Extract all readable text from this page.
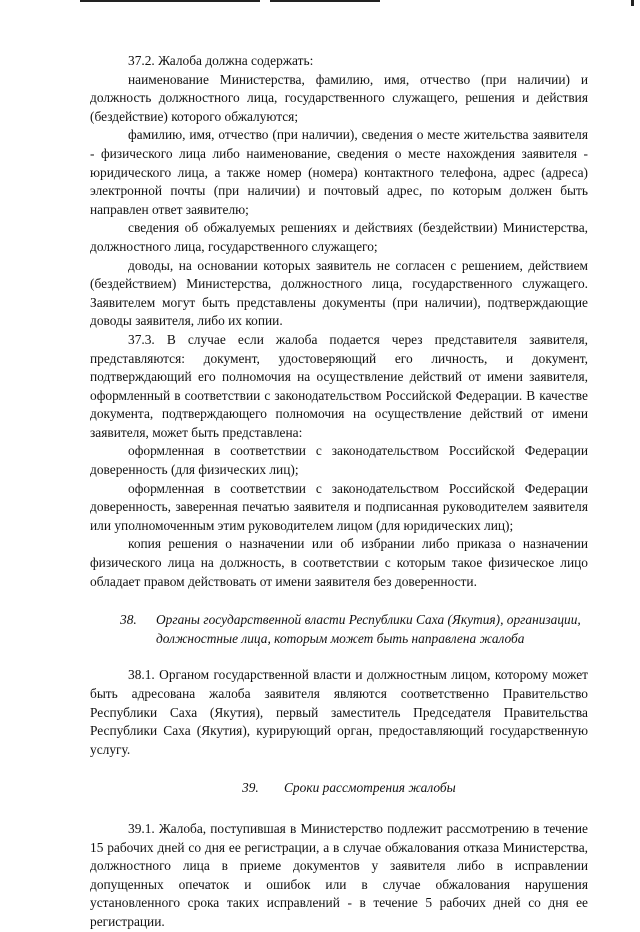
37.2. Жалоба должна содержать:

наименование Министерства, фамилию, имя, отчество (при наличии) и должность должностного лица, государственного служащего, решения и действия (бездействие) которого обжалуются;

фамилию, имя, отчество (при наличии), сведения о месте жительства заявителя - физического лица либо наименование, сведения о месте нахождения заявителя - юридического лица, а также номер (номера) контактного телефона, адрес (адреса) электронной почты (при наличии) и почтовый адрес, по которым должен быть направлен ответ заявителю;

сведения об обжалуемых решениях и действиях (бездействии) Министерства, должностного лица, государственного служащего;

доводы, на основании которых заявитель не согласен с решением, действием (бездействием) Министерства, должностного лица, государственного служащего. Заявителем могут быть представлены документы (при наличии), подтверждающие доводы заявителя, либо их копии.

37.3. В случае если жалоба подается через представителя заявителя, представляются: документ, удостоверяющий его личность, и документ, подтверждающий его полномочия на осуществление действий от имени заявителя, оформленный в соответствии с законодательством Российской Федерации. В качестве документа, подтверждающего полномочия на осуществление действий от имени заявителя, может быть представлена:

оформленная в соответствии с законодательством Российской Федерации доверенность (для физических лиц);

оформленная в соответствии с законодательством Российской Федерации доверенность, заверенная печатью заявителя и подписанная руководителем заявителя или уполномоченным этим руководителем лицом (для юридических лиц);

копия решения о назначении или об избрании либо приказа о назначении физического лица на должность, в соответствии с которым такое физическое лицо обладает правом действовать от имени заявителя без доверенности.

38. Органы государственной власти Республики Саха (Якутия), организации,
должностные лица, которым может быть направлена жалоба

38.1. Органом государственной власти и должностным лицом, которому может быть адресована жалоба заявителя являются соответственно Правительство Республики Саха (Якутия), первый заместитель Председателя Правительства Республики Саха (Якутия), курирующий орган, предоставляющий государственную услугу.

39. Сроки рассмотрения жалобы

39.1. Жалоба, поступившая в Министерство подлежит рассмотрению в течение 15 рабочих дней со дня ее регистрации, а в случае обжалования отказа Министерства, должностного лица в приеме документов у заявителя либо в исправлении допущенных опечаток и ошибок или в случае обжалования нарушения установленного срока таких исправлений - в течение 5 рабочих дней со дня ее регистрации.
